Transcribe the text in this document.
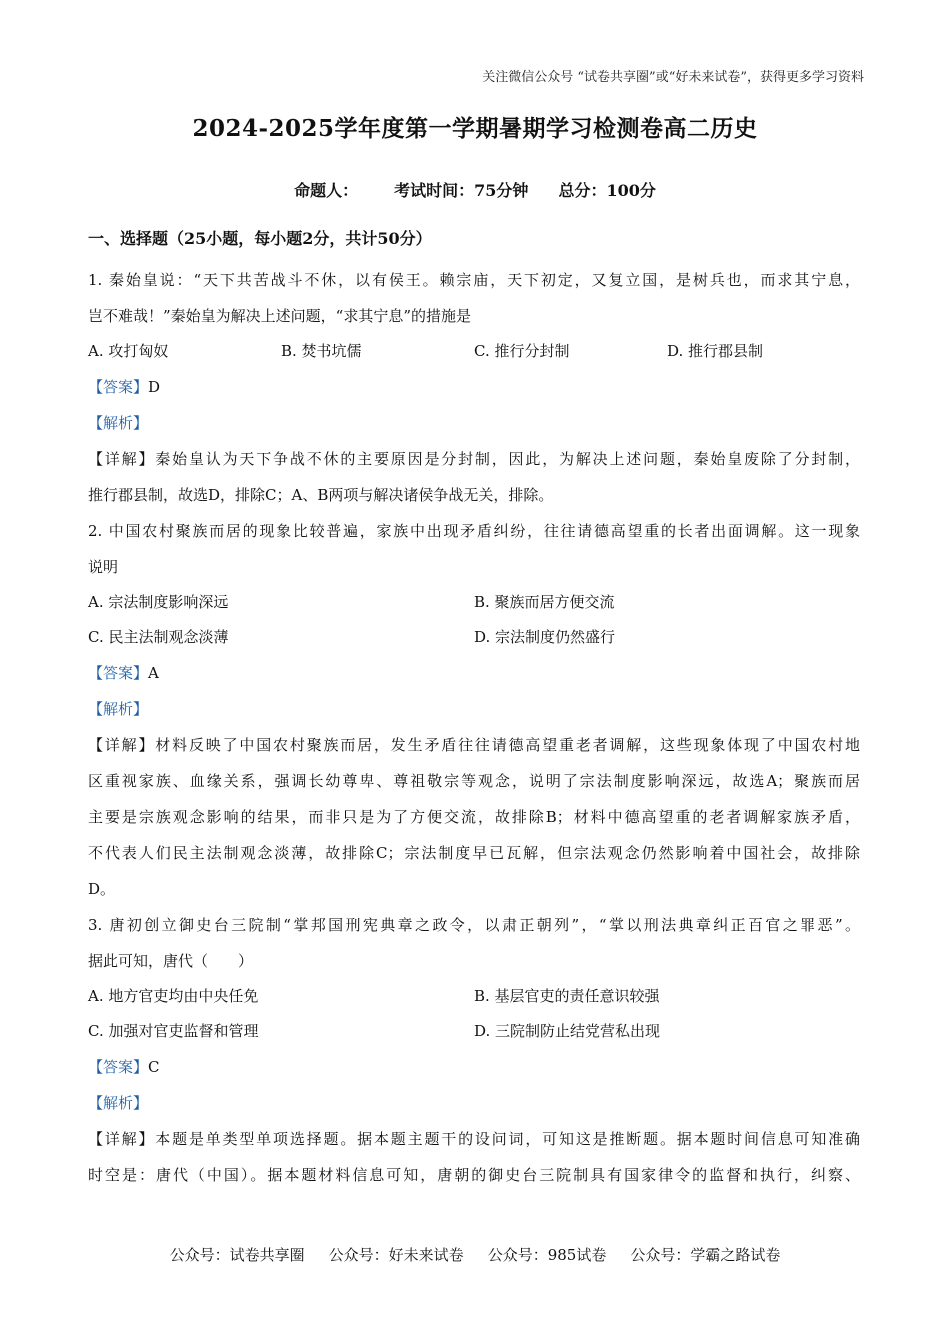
关注微信公众号 “试卷共享圈”或“好未来试卷”，获得更多学习资料
2024-2025学年度第一学期暑期学习检测卷高二历史
命题人： 考试时间：75分钟 总分：100分
一、选择题（25小题，每小题2分，共计50分）
1. 秦始皇说：“天下共苦战斗不休，以有侯王。赖宗庙，天下初定，又复立国，是树兵也，而求其宁息，
岂不难哉！”秦始皇为解决上述问题，“求其宁息”的措施是
A. 攻打匈奴	B. 焚书坑儒	C. 推行分封制	D. 推行郡县制
【答案】D
【解析】
【详解】秦始皇认为天下争战不休的主要原因是分封制，因此，为解决上述问题，秦始皇废除了分封制，
推行郡县制，故选D，排除C；A、B两项与解决诸侯争战无关，排除。
2. 中国农村聚族而居的现象比较普遍，家族中出现矛盾纠纷，往往请德高望重的长者出面调解。这一现象
说明
A. 宗法制度影响深远	B. 聚族而居方便交流
C. 民主法制观念淡薄	D. 宗法制度仍然盛行
【答案】A
【解析】
【详解】材料反映了中国农村聚族而居，发生矛盾往往请德高望重老者调解，这些现象体现了中国农村地
区重视家族、血缘关系，强调长幼尊卑、尊祖敬宗等观念，说明了宗法制度影响深远，故选A；聚族而居
主要是宗族观念影响的结果，而非只是为了方便交流，故排除B；材料中德高望重的老者调解家族矛盾，
不代表人们民主法制观念淡薄，故排除C；宗法制度早已瓦解，但宗法观念仍然影响着中国社会，故排除
D。
3. 唐初创立御史台三院制“掌邦国刑宪典章之政令，以肃正朝列”，“掌以刑法典章纠正百官之罪恶”。
据此可知，唐代（　　）
A. 地方官吏均由中央任免	B. 基层官吏的责任意识较强
C. 加强对官吏监督和管理	D. 三院制防止结党营私出现
【答案】C
【解析】
【详解】本题是单类型单项选择题。据本题主题干的设问词，可知这是推断题。据本题时间信息可知准确
时空是：唐代（中国）。据本题材料信息可知，唐朝的御史台三院制具有国家律令的监督和执行，纠察、
公众号：试卷共享圈 公众号：好未来试卷 公众号：985试卷 公众号：学霸之路试卷
